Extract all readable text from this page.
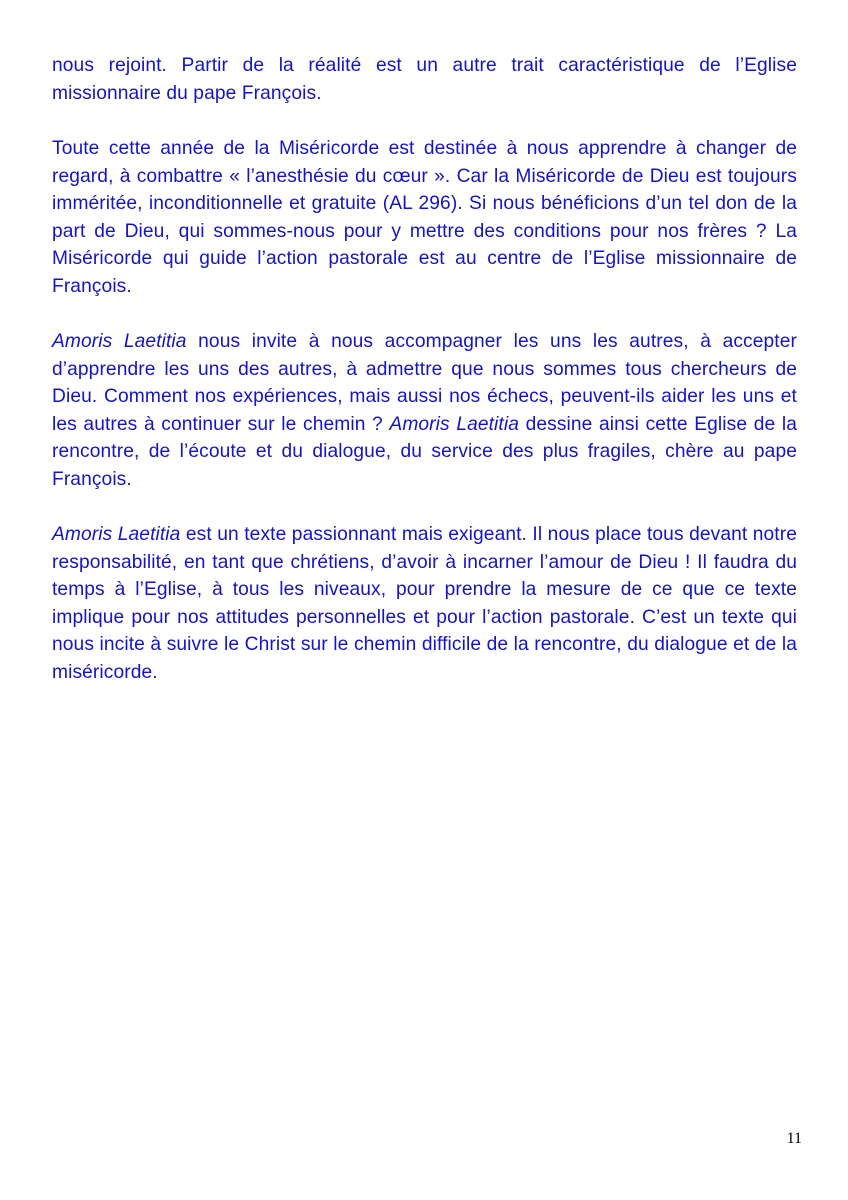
nous rejoint. Partir de la réalité est un autre trait caractéristique de l’Eglise missionnaire du pape François.

Toute cette année de la Miséricorde est destinée à nous apprendre à changer de regard, à combattre « l’anesthésie du cœur ». Car la Miséricorde de Dieu est toujours imméritée, inconditionnelle et gratuite (AL 296). Si nous bénéficions d’un tel don de la part de Dieu, qui sommes-nous pour y mettre des conditions pour nos frères ? La Miséricorde qui guide l’action pastorale est au centre de l’Eglise missionnaire de François.

Amoris Laetitia nous invite à nous accompagner les uns les autres, à accepter d’apprendre les uns des autres, à admettre que nous sommes tous chercheurs de Dieu. Comment nos expériences, mais aussi nos échecs, peuvent-ils aider les uns et les autres à continuer sur le chemin ? Amoris Laetitia dessine ainsi cette Eglise de la rencontre, de l’écoute et du dialogue, du service des plus fragiles, chère au pape François.

Amoris Laetitia est un texte passionnant mais exigeant. Il nous place tous devant notre responsabilité, en tant que chrétiens, d’avoir à incarner l’amour de Dieu ! Il faudra du temps à l’Eglise, à tous les niveaux, pour prendre la mesure de ce que ce texte implique pour nos attitudes personnelles et pour l’action pastorale. C’est un texte qui nous incite à suivre le Christ sur le chemin difficile de la rencontre, du dialogue et de la miséricorde.

11
